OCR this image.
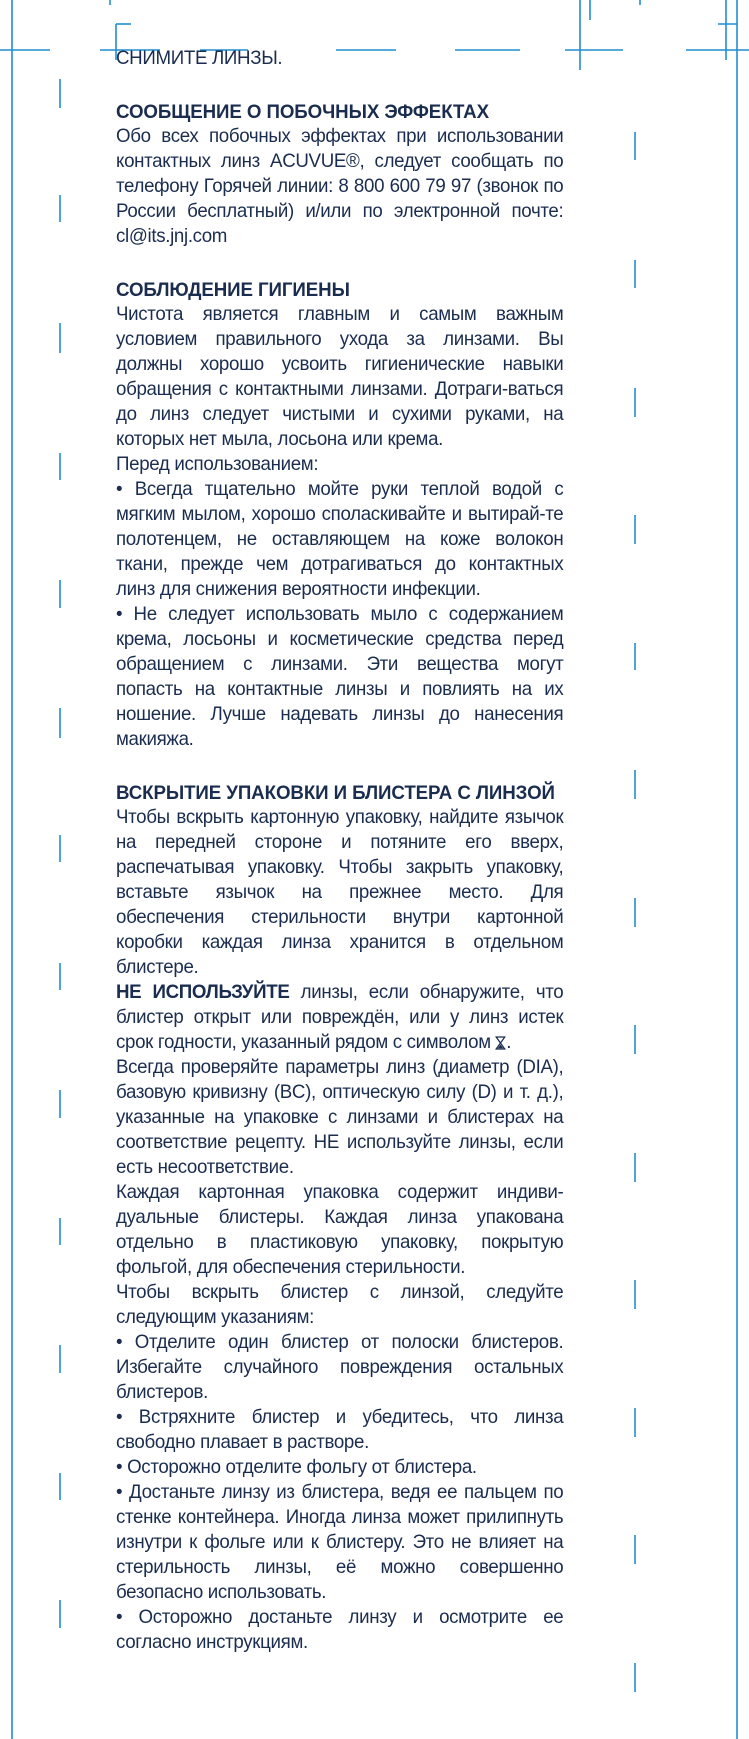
СНИМИТЕ ЛИНЗЫ.

СООБЩЕНИЕ О ПОБОЧНЫХ ЭФФЕКТАХ

Обо всех побочных эффектах при использовании контактных линз ACUVUE®, следует сообщать по телефону Горячей линии: 8 800 600 79 97 (звонок по России бесплатный) и/или по электронной почте: cl@its.jnj.com

СОБЛЮДЕНИЕ ГИГИЕНЫ

Чистота является главным и самым важным условием правильного ухода за линзами. Вы должны хорошо усвоить гигиенические навыки обращения с контактными линзами. Дотраги-ваться до линз следует чистыми и сухими руками, на которых нет мыла, лосьона или крема.

Перед использованием:

• Всегда тщательно мойте руки теплой водой с мягким мылом, хорошо споласкивайте и вытирай-те полотенцем, не оставляющем на коже волокон ткани, прежде чем дотрагиваться до контактных линз для снижения вероятности инфекции.

• Не следует использовать мыло с содержанием крема, лосьоны и косметические средства перед обращением с линзами. Эти вещества могут попасть на контактные линзы и повлиять на их ношение. Лучше надевать линзы до нанесения макияжа.

ВСКРЫТИЕ УПАКОВКИ И БЛИСТЕРА С ЛИНЗОЙ

Чтобы вскрыть картонную упаковку, найдите язычок на передней стороне и потяните его вверх, распечатывая упаковку. Чтобы закрыть упаковку, вставьте язычок на прежнее место. Для обеспечения стерильности внутри картонной коробки каждая линза хранится в отдельном блистере.

НЕ ИСПОЛЬЗУЙТЕ линзы, если обнаружите, что блистер открыт или повреждён, или у линз истек срок годности, указанный рядом с символом .

Всегда проверяйте параметры линз (диаметр (DIA), базовую кривизну (BC), оптическую силу (D) и т. д.), указанные на упаковке с линзами и блистерах на соответствие рецепту. НЕ используйте линзы, если есть несоответствие.

Каждая картонная упаковка содержит индиви-дуальные блистеры. Каждая линза упакована отдельно в пластиковую упаковку, покрытую фольгой, для обеспечения стерильности.

Чтобы вскрыть блистер с линзой, следуйте следующим указаниям:

• Отделите один блистер от полоски блистеров. Избегайте случайного повреждения остальных блистеров.

• Встряхните блистер и убедитесь, что линза свободно плавает в растворе.

• Осторожно отделите фольгу от блистера.

• Достаньте линзу из блистера, ведя ее пальцем по стенке контейнера. Иногда линза может прилипнуть изнутри к фольге или к блистеру. Это не влияет на стерильность линзы, её можно совершенно безопасно использовать.

• Осторожно достаньте линзу и осмотрите ее согласно инструкциям.
